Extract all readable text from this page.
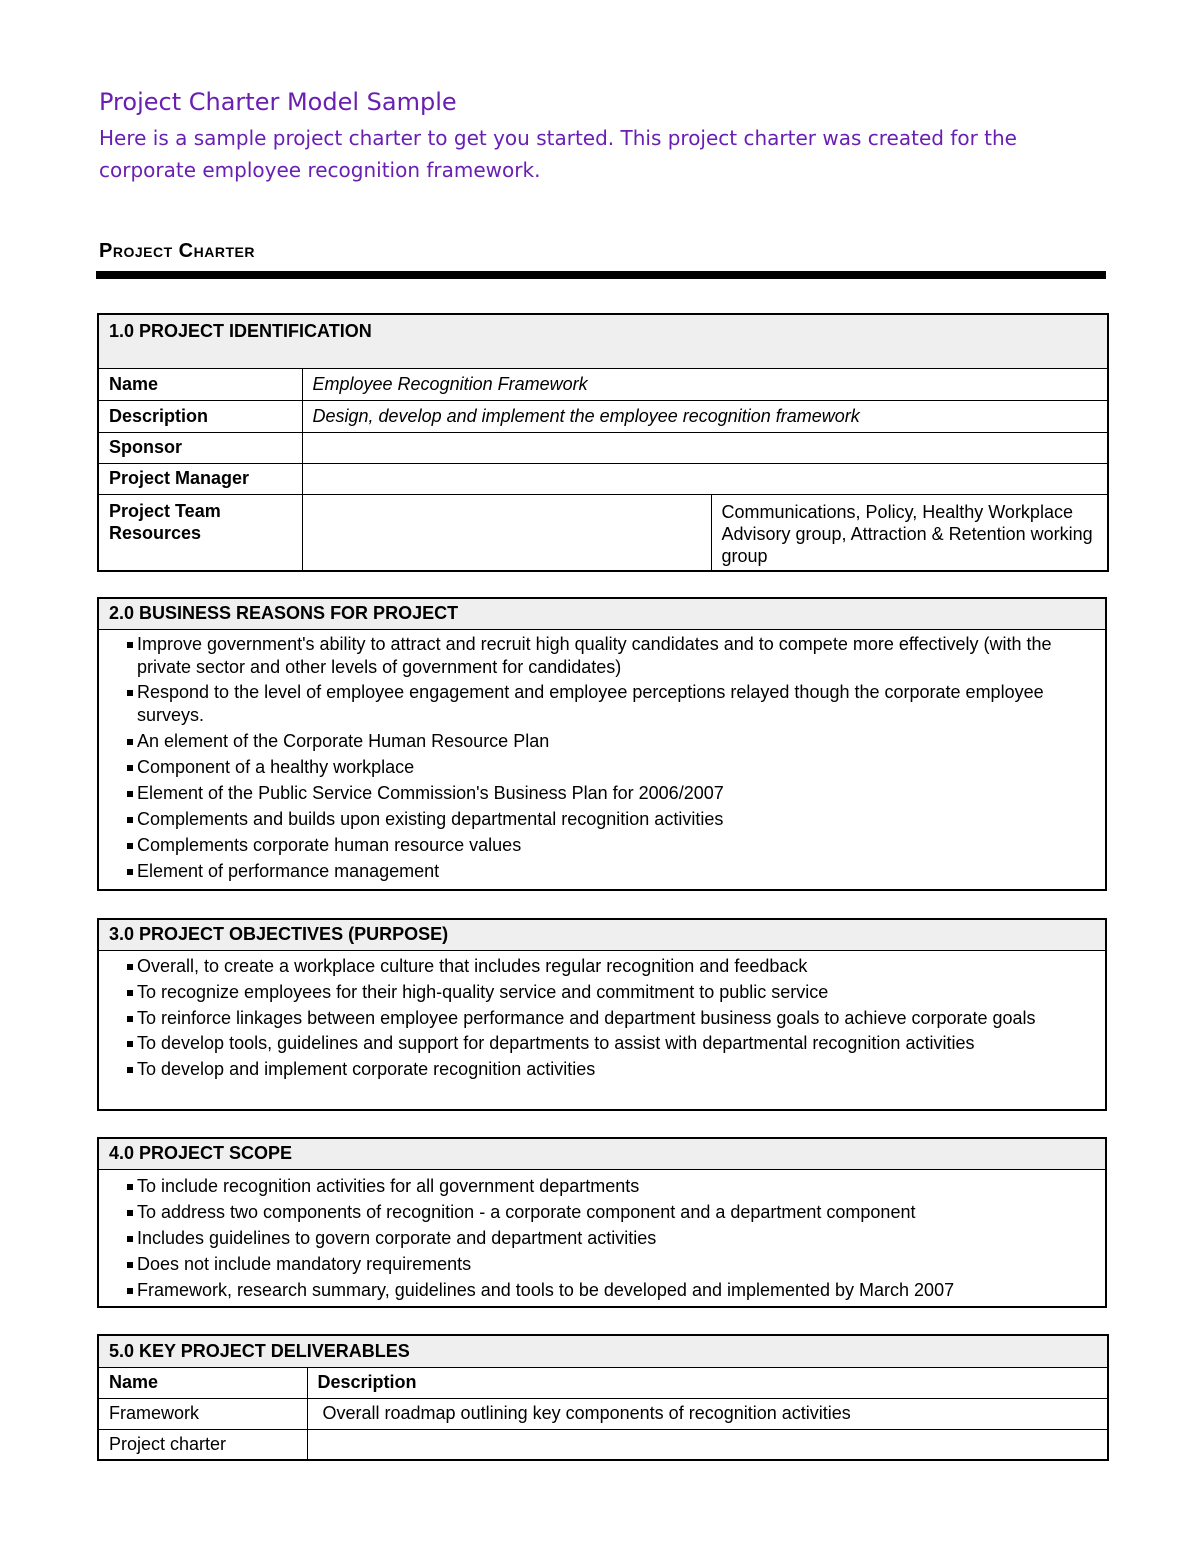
Project Charter Model Sample
Here is a sample project charter to get you started. This project charter was created for the corporate employee recognition framework.
Project Charter
1.0 PROJECT IDENTIFICATION		
Name	Employee Recognition Framework	
Description	Design, develop and implement the employee recognition framework	
Sponsor		
Project Manager		
Project Team Resources		Communications, Policy, Healthy Workplace Advisory group, Attraction & Retention working group
2.0 BUSINESS REASONS FOR PROJECT

Improve government's ability to attract and recruit high quality candidates and to compete more effectively (with the private sector and other levels of government for candidates)
Respond to the level of employee engagement and employee perceptions relayed though the corporate employee surveys.
An element of the Corporate Human Resource Plan
Component of a healthy workplace
Element of the Public Service Commission's Business Plan for 2006/2007
Complements and builds upon existing departmental recognition activities
Complements corporate human resource values
Element of performance management
3.0 PROJECT OBJECTIVES (PURPOSE)

Overall, to create a workplace culture that includes regular recognition and feedback
To recognize employees for their high-quality service and commitment to public service
To reinforce linkages between employee performance and department business goals to achieve corporate goals
To develop tools, guidelines and support for departments to assist with departmental recognition activities
To develop and implement corporate recognition activities
4.0 PROJECT SCOPE

To include recognition activities for all government departments
To address two components of recognition - a corporate component and a department component
Includes guidelines to govern corporate and department activities
Does not include mandatory requirements
Framework, research summary, guidelines and tools to be developed and implemented by March 2007
5.0 KEY PROJECT DELIVERABLES	
Name	Description
Framework	Overall roadmap outlining key components of recognition activities
Project charter	
